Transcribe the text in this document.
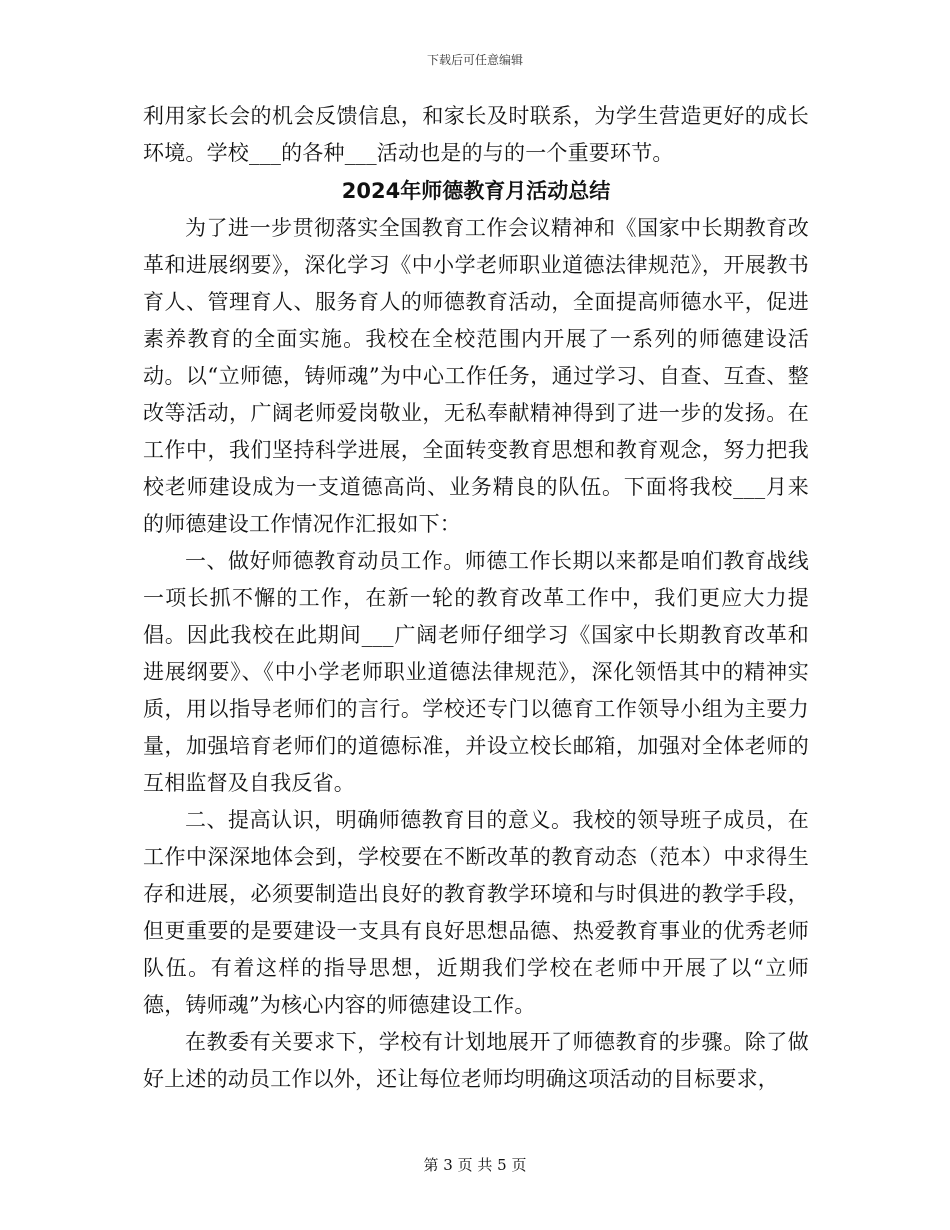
下载后可任意编辑

利用家长会的机会反馈信息，和家长及时联系，为学生营造更好的成长环境。学校___的各种___活动也是的与的一个重要环节。

2024年师德教育月活动总结

为了进一步贯彻落实全国教育工作会议精神和《国家中长期教育改革和进展纲要》，深化学习《中小学老师职业道德法律规范》，开展教书育人、管理育人、服务育人的师德教育活动，全面提高师德水平，促进素养教育的全面实施。我校在全校范围内开展了一系列的师德建设活动。以“立师德，铸师魂”为中心工作任务，通过学习、自查、互查、整改等活动，广阔老师爱岗敬业，无私奉献精神得到了进一步的发扬。在工作中，我们坚持科学进展，全面转变教育思想和教育观念，努力把我校老师建设成为一支道德高尚、业务精良的队伍。下面将我校___月来的师德建设工作情况作汇报如下：

一、做好师德教育动员工作。师德工作长期以来都是咱们教育战线一项长抓不懈的工作，在新一轮的教育改革工作中，我们更应大力提倡。因此我校在此期间___广阔老师仔细学习《国家中长期教育改革和进展纲要》、《中小学老师职业道德法律规范》，深化领悟其中的精神实质，用以指导老师们的言行。学校还专门以德育工作领导小组为主要力量，加强培育老师们的道德标准，并设立校长邮箱，加强对全体老师的互相监督及自我反省。

二、提高认识，明确师德教育目的意义。我校的领导班子成员，在工作中深深地体会到，学校要在不断改革的教育动态（范本）中求得生存和进展，必须要制造出良好的教育教学环境和与时俱进的教学手段，但更重要的是要建设一支具有良好思想品德、热爱教育事业的优秀老师队伍。有着这样的指导思想，近期我们学校在老师中开展了以“立师德，铸师魂”为核心内容的师德建设工作。

在教委有关要求下，学校有计划地展开了师德教育的步骤。除了做好上述的动员工作以外，还让每位老师均明确这项活动的目标要求，

第 3 页 共 5 页
